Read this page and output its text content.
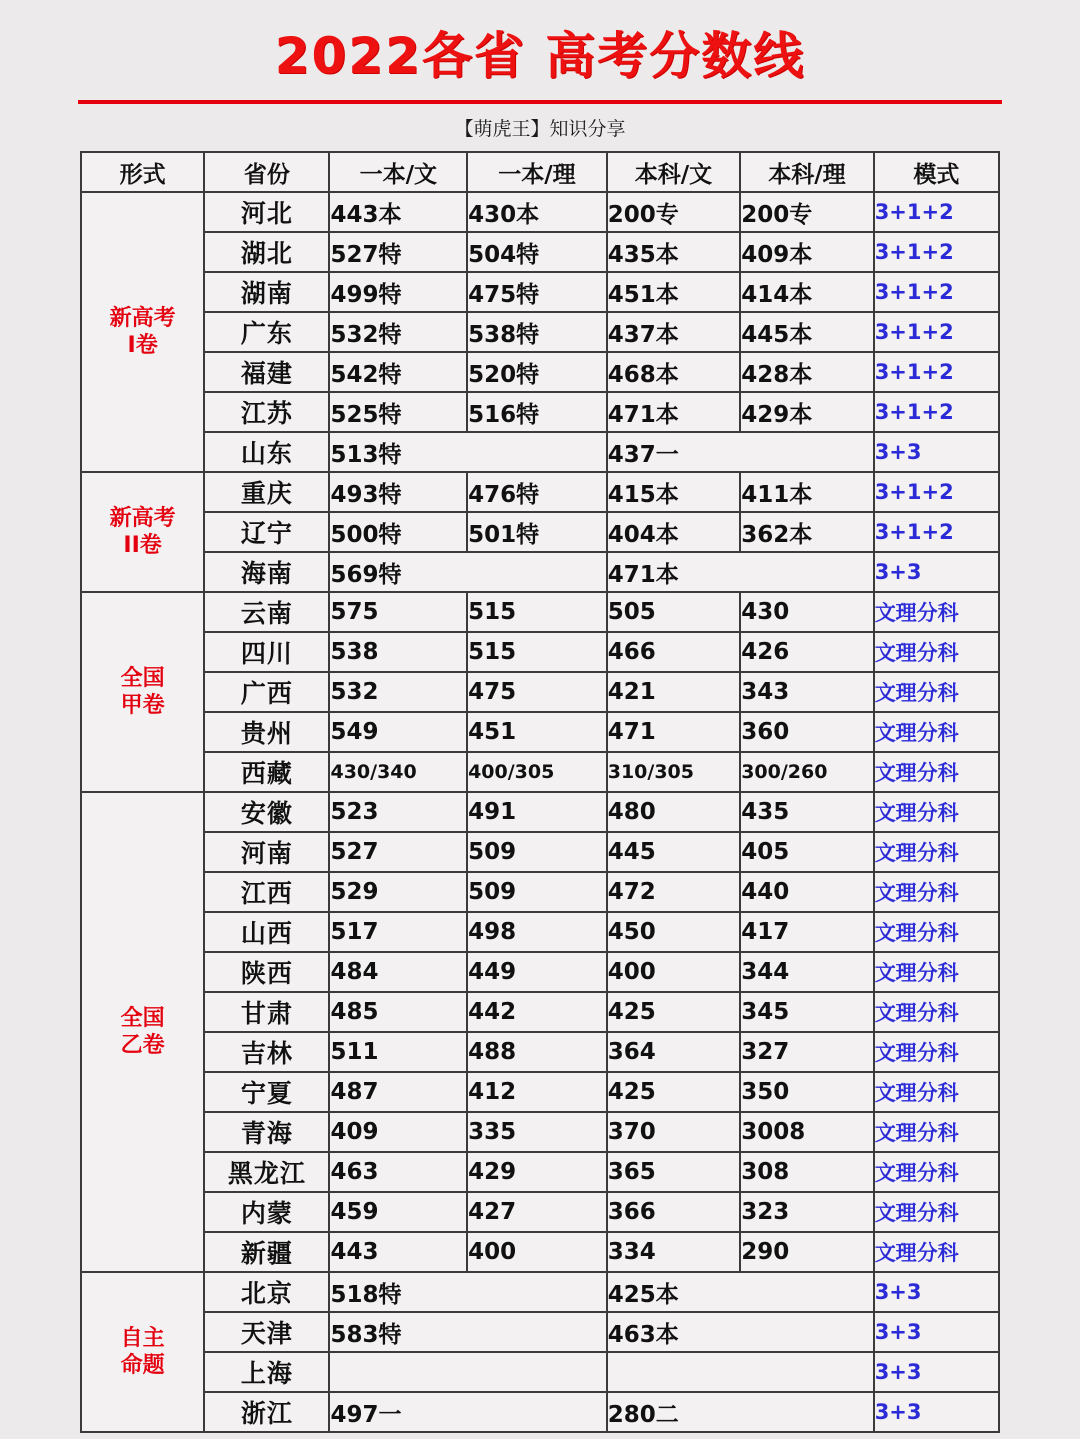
2022各省 高考分数线
【萌虎王】知识分享
形式	省份	一本/文	一本/理	本科/文	本科/理	模式
新高考
I卷	河北	443本	430本	200专	200专	3+1+2
	湖北	527特	504特	435本	409本	3+1+2
	湖南	499特	475特	451本	414本	3+1+2
	广东	532特	538特	437本	445本	3+1+2
	福建	542特	520特	468本	428本	3+1+2
	江苏	525特	516特	471本	429本	3+1+2
	山东	513特		437一		3+3
新高考
II卷	重庆	493特	476特	415本	411本	3+1+2
	辽宁	500特	501特	404本	362本	3+1+2
	海南	569特		471本		3+3
全国
甲卷	云南	575	515	505	430	文理分科
	四川	538	515	466	426	文理分科
	广西	532	475	421	343	文理分科
	贵州	549	451	471	360	文理分科
	西藏	430/340	400/305	310/305	300/260	文理分科
全国
乙卷	安徽	523	491	480	435	文理分科
	河南	527	509	445	405	文理分科
	江西	529	509	472	440	文理分科
	山西	517	498	450	417	文理分科
	陕西	484	449	400	344	文理分科
	甘肃	485	442	425	345	文理分科
	吉林	511	488	364	327	文理分科
	宁夏	487	412	425	350	文理分科
	青海	409	335	370	3008	文理分科
	黑龙江	463	429	365	308	文理分科
	内蒙	459	427	366	323	文理分科
	新疆	443	400	334	290	文理分科
自主
命题	北京	518特		425本		3+3
	天津	583特		463本		3+3
	上海					3+3
	浙江	497一		280二		3+3
